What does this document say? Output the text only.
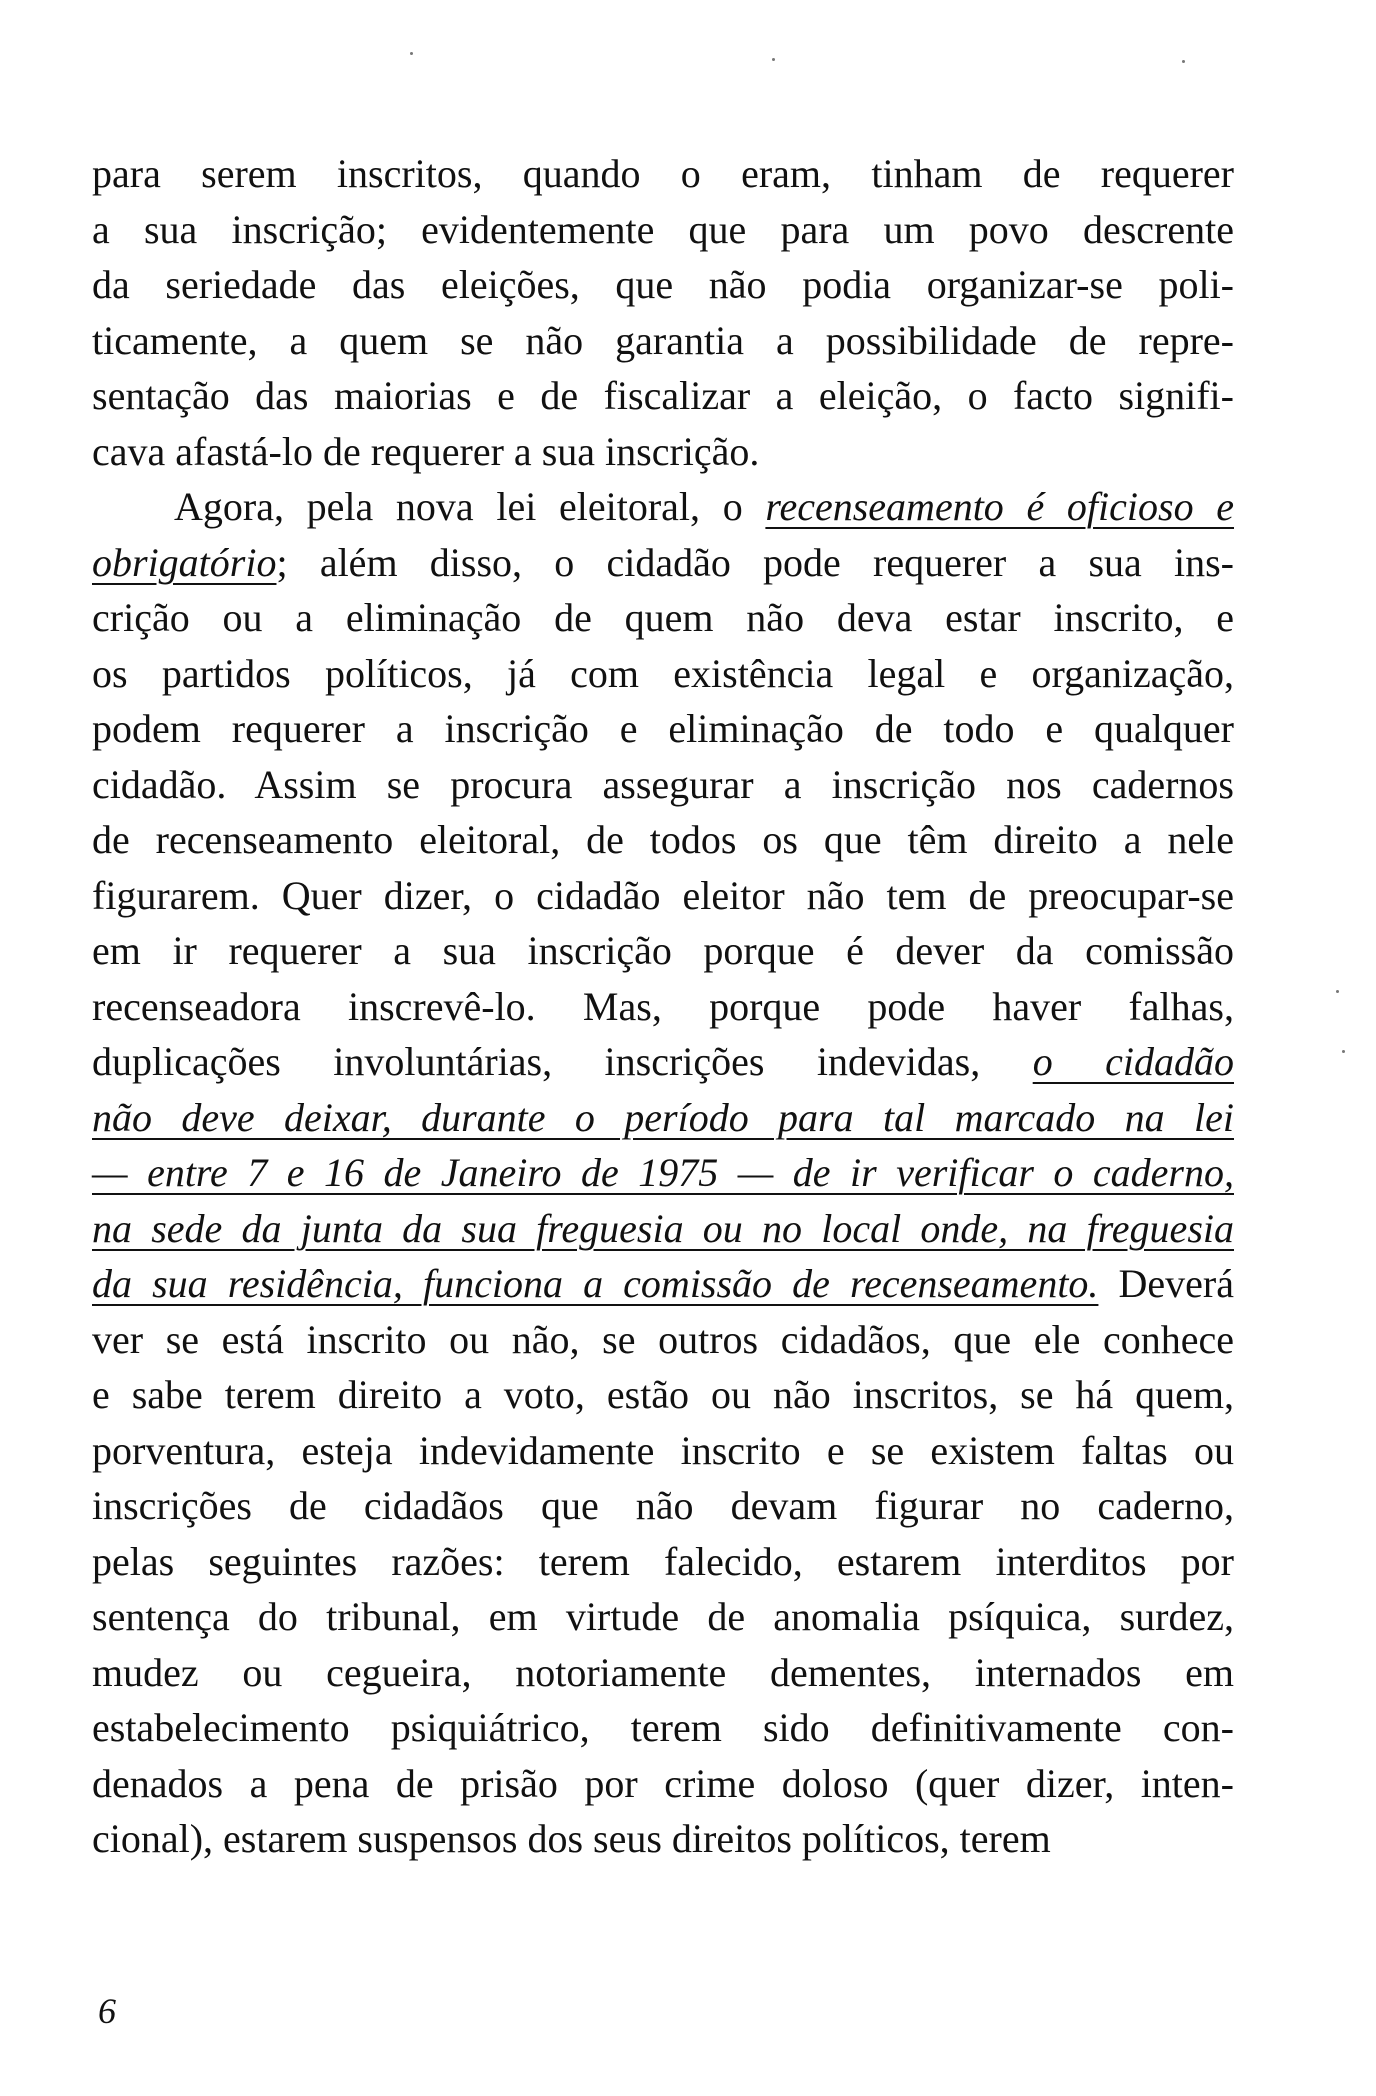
para serem inscritos, quando o eram, tinham de requerer
a sua inscrição; evidentemente que para um povo descrente
da seriedade das eleições, que não podia organizar-se poli-
ticamente, a quem se não garantia a possibilidade de repre-
sentação das maiorias e de fiscalizar a eleição, o facto signifi-
cava afastá-lo de requerer a sua inscrição.
Agora, pela nova lei eleitoral, o recenseamento é oficioso e
obrigatório; além disso, o cidadão pode requerer a sua ins-
crição ou a eliminação de quem não deva estar inscrito, e
os partidos políticos, já com existência legal e organização,
podem requerer a inscrição e eliminação de todo e qualquer
cidadão. Assim se procura assegurar a inscrição nos cadernos
de recenseamento eleitoral, de todos os que têm direito a nele
figurarem. Quer dizer, o cidadão eleitor não tem de preocupar-se
em ir requerer a sua inscrição porque é dever da comissão
recenseadora inscrevê-lo. Mas, porque pode haver falhas,
duplicações involuntárias, inscrições indevidas, o cidadão
não deve deixar, durante o período para tal marcado na lei
— entre 7 e 16 de Janeiro de 1975 — de ir verificar o caderno,
na sede da junta da sua freguesia ou no local onde, na freguesia
da sua residência, funciona a comissão de recenseamento. Deverá
ver se está inscrito ou não, se outros cidadãos, que ele conhece
e sabe terem direito a voto, estão ou não inscritos, se há quem,
porventura, esteja indevidamente inscrito e se existem faltas ou
inscrições de cidadãos que não devam figurar no caderno,
pelas seguintes razões: terem falecido, estarem interditos por
sentença do tribunal, em virtude de anomalia psíquica, surdez,
mudez ou cegueira, notoriamente dementes, internados em
estabelecimento psiquiátrico, terem sido definitivamente con-
denados a pena de prisão por crime doloso (quer dizer, inten-
cional), estarem suspensos dos seus direitos políticos, terem
6
